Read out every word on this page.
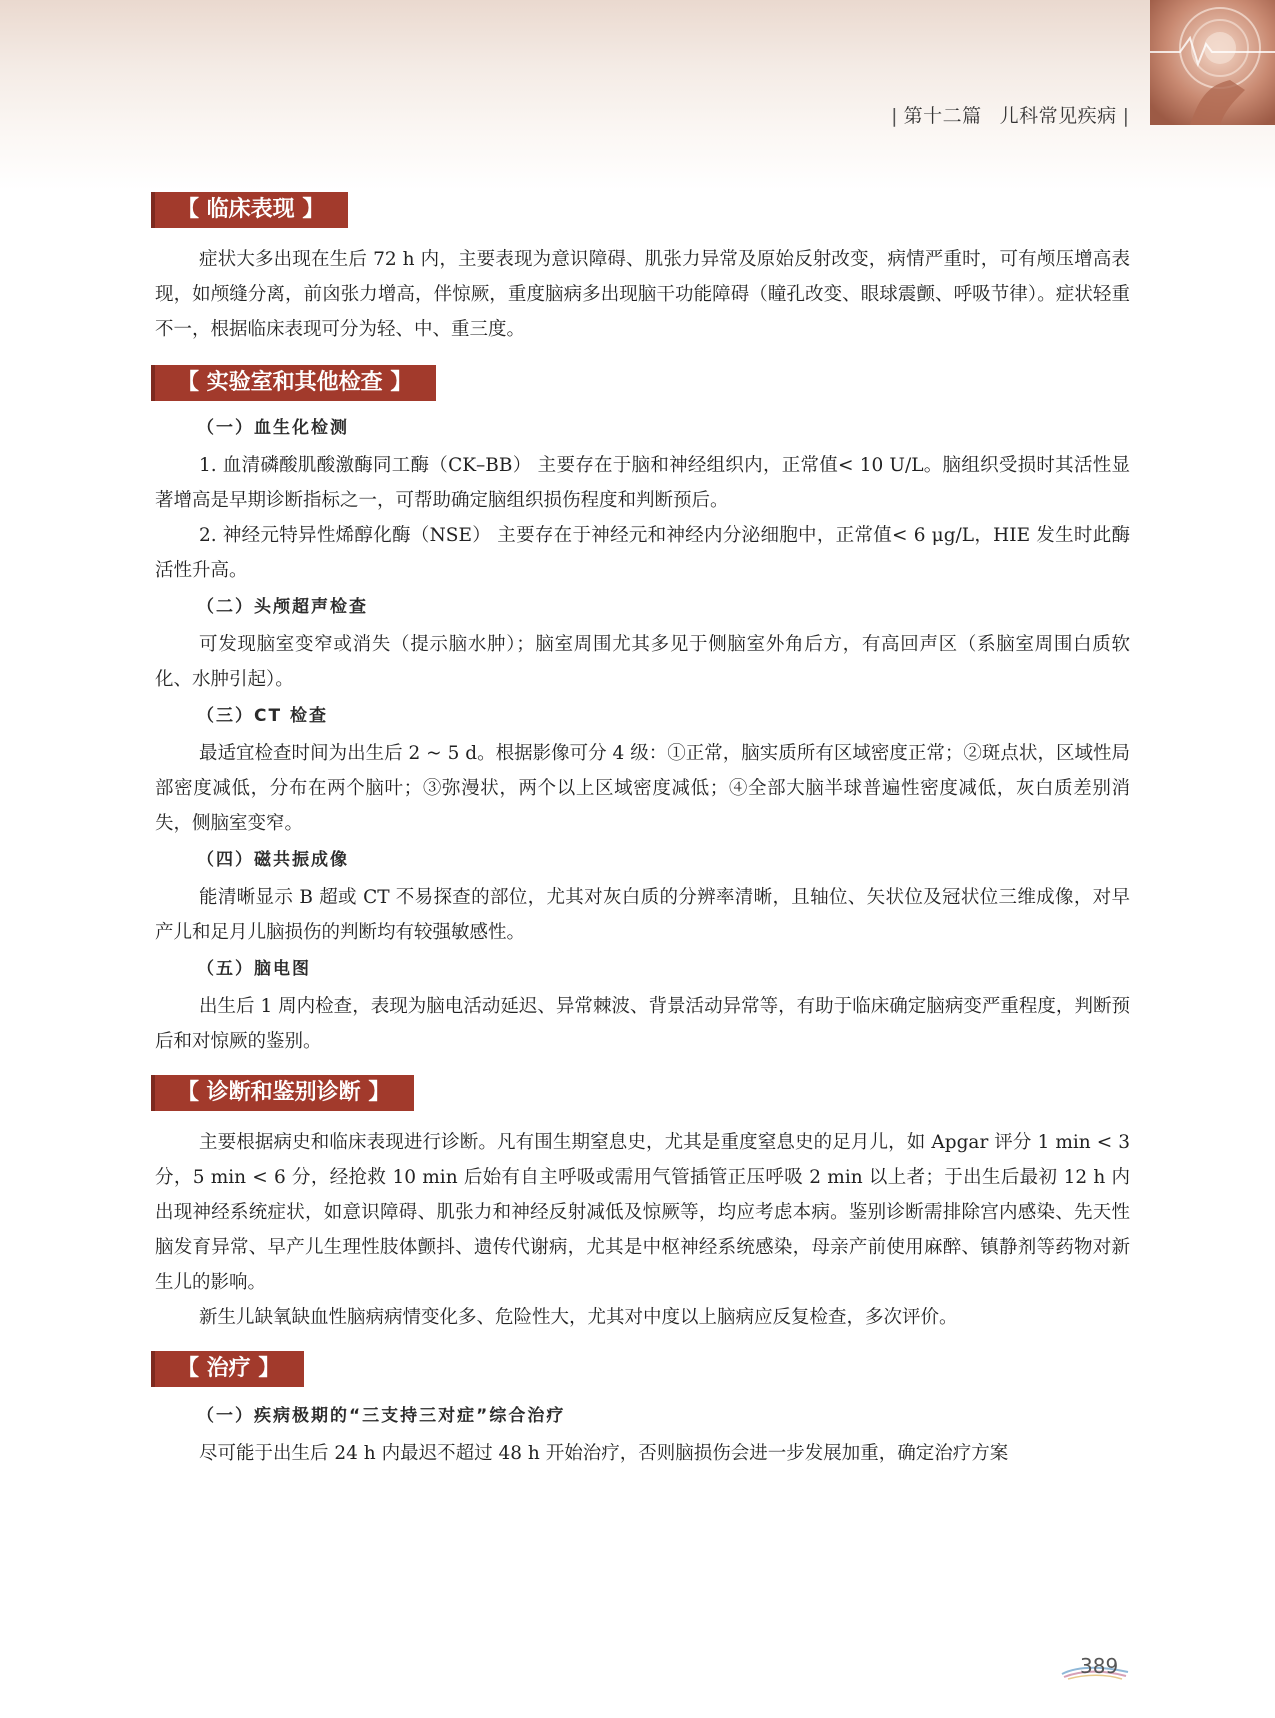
| 第十二篇 儿科常见疾病 |
【 临床表现 】

症状大多出现在生后 72 h 内，主要表现为意识障碍、肌张力异常及原始反射改变，病情严重时，可有颅压增高表现，如颅缝分离，前囟张力增高，伴惊厥，重度脑病多出现脑干功能障碍（瞳孔改变、眼球震颤、呼吸节律）。症状轻重不一，根据临床表现可分为轻、中、重三度。

【 实验室和其他检查 】

（一）血生化检测

1. 血清磷酸肌酸激酶同工酶（CK–BB） 主要存在于脑和神经组织内，正常值< 10 U/L。脑组织受损时其活性显著增高是早期诊断指标之一，可帮助确定脑组织损伤程度和判断预后。

2. 神经元特异性烯醇化酶（NSE） 主要存在于神经元和神经内分泌细胞中，正常值< 6 μg/L，HIE 发生时此酶活性升高。

（二）头颅超声检查

可发现脑室变窄或消失（提示脑水肿）；脑室周围尤其多见于侧脑室外角后方，有高回声区（系脑室周围白质软化、水肿引起）。

（三）CT 检查

最适宜检查时间为出生后 2 ~ 5 d。根据影像可分 4 级：①正常，脑实质所有区域密度正常；②斑点状，区域性局部密度减低，分布在两个脑叶；③弥漫状，两个以上区域密度减低；④全部大脑半球普遍性密度减低，灰白质差别消失，侧脑室变窄。

（四）磁共振成像

能清晰显示 B 超或 CT 不易探查的部位，尤其对灰白质的分辨率清晰，且轴位、矢状位及冠状位三维成像，对早产儿和足月儿脑损伤的判断均有较强敏感性。

（五）脑电图

出生后 1 周内检查，表现为脑电活动延迟、异常棘波、背景活动异常等，有助于临床确定脑病变严重程度，判断预后和对惊厥的鉴别。

【 诊断和鉴别诊断 】

主要根据病史和临床表现进行诊断。凡有围生期窒息史，尤其是重度窒息史的足月儿，如 Apgar 评分 1 min < 3 分，5 min < 6 分，经抢救 10 min 后始有自主呼吸或需用气管插管正压呼吸 2 min 以上者；于出生后最初 12 h 内出现神经系统症状，如意识障碍、肌张力和神经反射减低及惊厥等，均应考虑本病。鉴别诊断需排除宫内感染、先天性脑发育异常、早产儿生理性肢体颤抖、遗传代谢病，尤其是中枢神经系统感染，母亲产前使用麻醉、镇静剂等药物对新生儿的影响。

新生儿缺氧缺血性脑病病情变化多、危险性大，尤其对中度以上脑病应反复检查，多次评价。

【 治疗 】

（一）疾病极期的“三支持三对症”综合治疗

尽可能于出生后 24 h 内最迟不超过 48 h 开始治疗，否则脑损伤会进一步发展加重，确定治疗方案

389
